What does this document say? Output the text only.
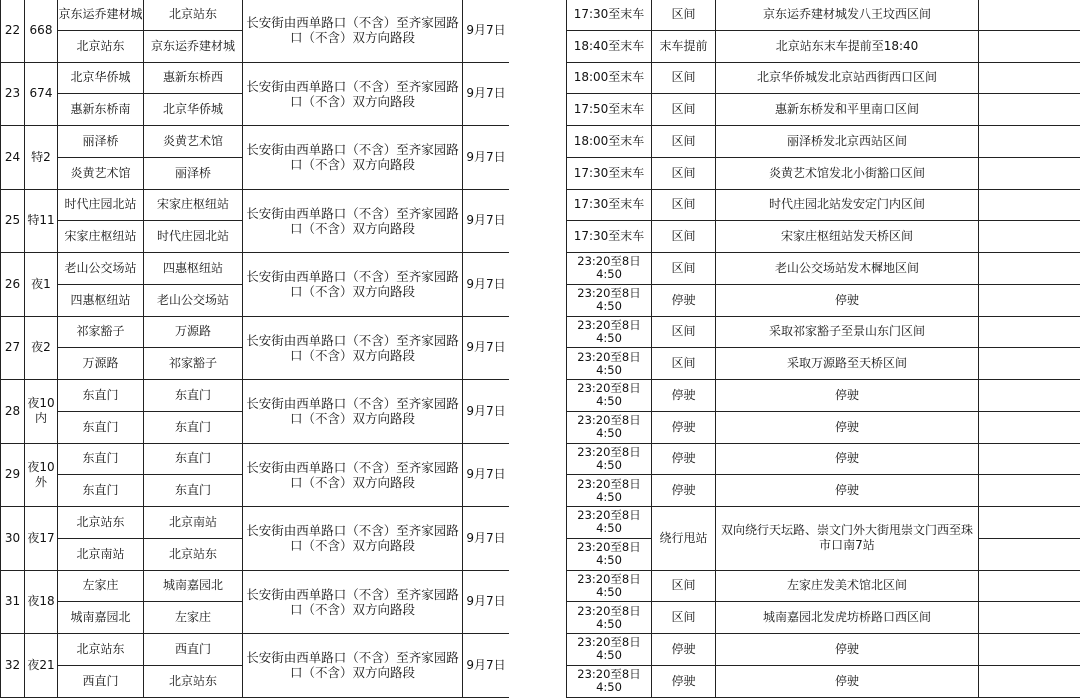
22	668	京东运乔建材城	北京站东	长安街由西单路口（不含）至齐家园路口（不含）双方向路段	9月7日
		北京站东	京东运乔建材城		
23	674	北京华侨城	惠新东桥西	长安街由西单路口（不含）至齐家园路口（不含）双方向路段	9月7日
		惠新东桥南	北京华侨城		
24	特2	丽泽桥	炎黄艺术馆	长安街由西单路口（不含）至齐家园路口（不含）双方向路段	9月7日
		炎黄艺术馆	丽泽桥		
25	特11	时代庄园北站	宋家庄枢纽站	长安街由西单路口（不含）至齐家园路口（不含）双方向路段	9月7日
		宋家庄枢纽站	时代庄园北站		
26	夜1	老山公交场站	四惠枢纽站	长安街由西单路口（不含）至齐家园路口（不含）双方向路段	9月7日
		四惠枢纽站	老山公交场站		
27	夜2	祁家豁子	万源路	长安街由西单路口（不含）至齐家园路口（不含）双方向路段	9月7日
		万源路	祁家豁子		
28	夜10内	东直门	东直门	长安街由西单路口（不含）至齐家园路口（不含）双方向路段	9月7日
		东直门	东直门		
29	夜10外	东直门	东直门	长安街由西单路口（不含）至齐家园路口（不含）双方向路段	9月7日
		东直门	东直门		
30	夜17	北京站东	北京南站	长安街由西单路口（不含）至齐家园路口（不含）双方向路段	9月7日
		北京南站	北京站东		
31	夜18	左家庄	城南嘉园北	长安街由西单路口（不含）至齐家园路口（不含）双方向路段	9月7日
		城南嘉园北	左家庄		
32	夜21	北京站东	西直门	长安街由西单路口（不含）至齐家园路口（不含）双方向路段	9月7日
		西直门	北京站东		
17:30至末车	区间	京东运乔建材城发八王坟西区间	
18:40至末车	末车提前	北京站东末车提前至18:40	
18:00至末车	区间	北京华侨城发北京站西街西口区间	
17:50至末车	区间	惠新东桥发和平里南口区间	
18:00至末车	区间	丽泽桥发北京西站区间	
17:30至末车	区间	炎黄艺术馆发北小街豁口区间	
17:30至末车	区间	时代庄园北站发安定门内区间	
17:30至末车	区间	宋家庄枢纽站发天桥区间	
23:20至8日4:50	区间	老山公交场站发木樨地区间	
23:20至8日4:50	停驶	停驶	
23:20至8日4:50	区间	采取祁家豁子至景山东门区间	
23:20至8日4:50	区间	采取万源路至天桥区间	
23:20至8日4:50	停驶	停驶	
23:20至8日4:50	停驶	停驶	
23:20至8日4:50	停驶	停驶	
23:20至8日4:50	停驶	停驶	
23:20至8日4:50	绕行甩站	双向绕行天坛路、崇文门外大街甩崇文门西至珠市口南7站	
23:20至8日4:50			
23:20至8日4:50	区间	左家庄发美术馆北区间	
23:20至8日4:50	区间	城南嘉园北发虎坊桥路口西区间	
23:20至8日4:50	停驶	停驶	
23:20至8日4:50	停驶	停驶	
